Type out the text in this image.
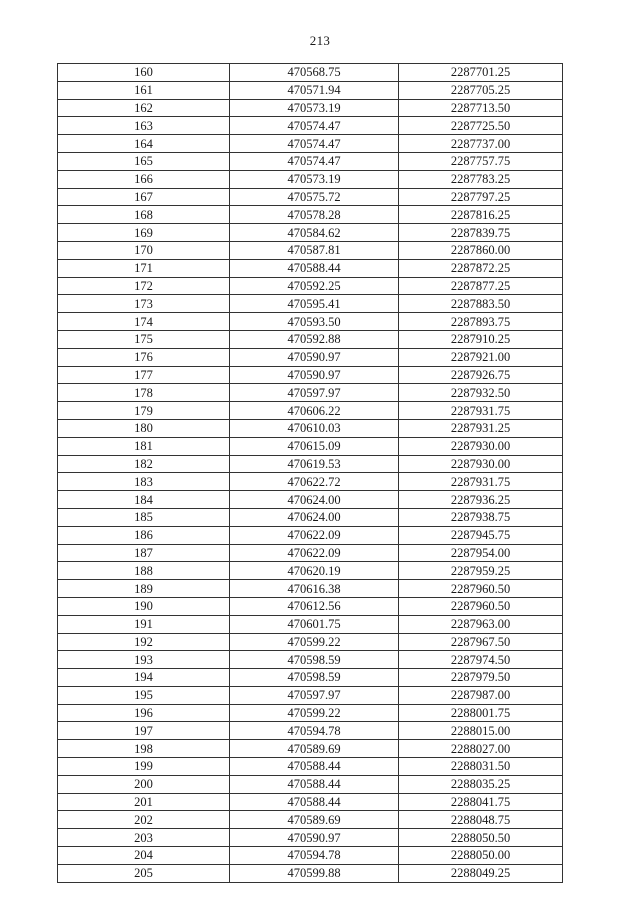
213
160	470568.75	2287701.25
161	470571.94	2287705.25
162	470573.19	2287713.50
163	470574.47	2287725.50
164	470574.47	2287737.00
165	470574.47	2287757.75
166	470573.19	2287783.25
167	470575.72	2287797.25
168	470578.28	2287816.25
169	470584.62	2287839.75
170	470587.81	2287860.00
171	470588.44	2287872.25
172	470592.25	2287877.25
173	470595.41	2287883.50
174	470593.50	2287893.75
175	470592.88	2287910.25
176	470590.97	2287921.00
177	470590.97	2287926.75
178	470597.97	2287932.50
179	470606.22	2287931.75
180	470610.03	2287931.25
181	470615.09	2287930.00
182	470619.53	2287930.00
183	470622.72	2287931.75
184	470624.00	2287936.25
185	470624.00	2287938.75
186	470622.09	2287945.75
187	470622.09	2287954.00
188	470620.19	2287959.25
189	470616.38	2287960.50
190	470612.56	2287960.50
191	470601.75	2287963.00
192	470599.22	2287967.50
193	470598.59	2287974.50
194	470598.59	2287979.50
195	470597.97	2287987.00
196	470599.22	2288001.75
197	470594.78	2288015.00
198	470589.69	2288027.00
199	470588.44	2288031.50
200	470588.44	2288035.25
201	470588.44	2288041.75
202	470589.69	2288048.75
203	470590.97	2288050.50
204	470594.78	2288050.00
205	470599.88	2288049.25
